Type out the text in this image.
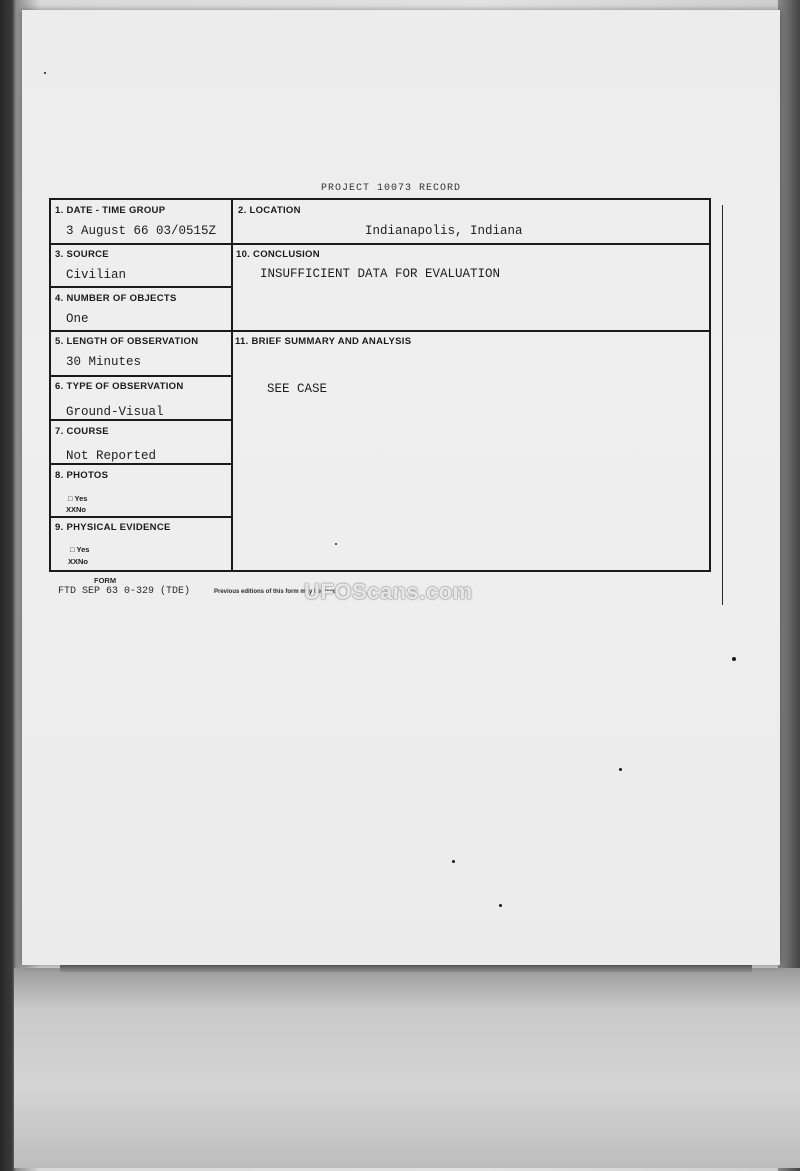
PROJECT 10073 RECORD
1. DATE - TIME GROUP
3 August 66 03/0515Z
2. LOCATION
Indianapolis, Indiana
3. SOURCE
Civilian
10. CONCLUSION
INSUFFICIENT DATA FOR EVALUATION
4. NUMBER OF OBJECTS
One
5. LENGTH OF OBSERVATION
30 Minutes
11. BRIEF SUMMARY AND ANALYSIS
SEE CASE
6. TYPE OF OBSERVATION
Ground-Visual
7. COURSE
Not Reported
8. PHOTOS
□ Yes
XXNo
9. PHYSICAL EVIDENCE
□ Yes
XXNo
FORM
FTD SEP 63 0-329 (TDE)	Previous editions of this form may be used.
UFOScans.com
